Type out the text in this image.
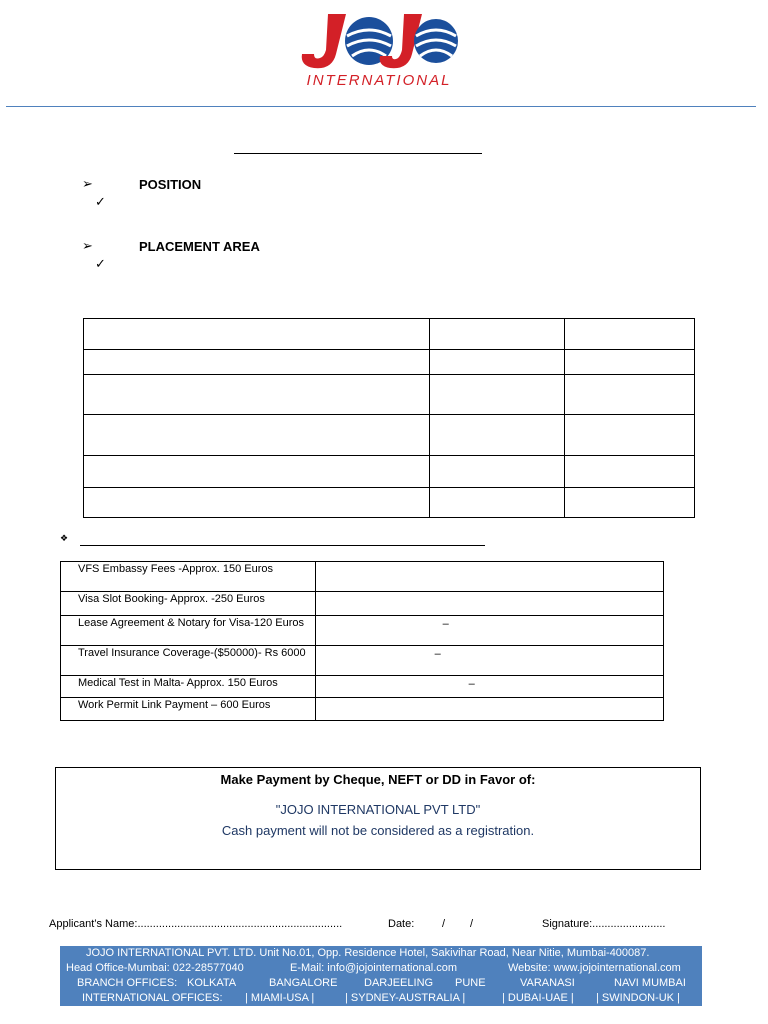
INTERNATIONAL
➢	POSITION
✓
➢	PLACEMENT AREA
✓

❖
VFS Embassy Fees -Approx. 150 Euros	
Visa Slot Booking- Approx. -250 Euros	
Lease Agreement & Notary for Visa-120 Euros	–

Travel Insurance Coverage-($50000)- Rs 6000	–

Medical Test in Malta- Approx. 150 Euros	–

Work Permit Link Payment – 600 Euros	
Make Payment by Cheque, NEFT or DD in Favor of:
"JOJO INTERNATIONAL PVT LTD"
Cash payment will not be considered as a registration.
Applicant’s Name:...................................................................	Date:	/ /	Signature:........................
JOJO INTERNATIONAL PVT. LTD. Unit No.01, Opp. Residence Hotel, Sakivihar Road, Near Nitie, Mumbai-400087.
Head Office-Mumbai: 022-28577040	E-Mail: info@jojointernational.com	Website: www.jojointernational.com
BRANCH OFFICES: KOLKATA	BANGALORE DARJEELING PUNE	VARANASI	NAVI MUMBAI
INTERNATIONAL OFFICES: | MIAMI-USA |	| SYDNEY-AUSTRALIA |	| DUBAI-UAE | | SWINDON-UK |
